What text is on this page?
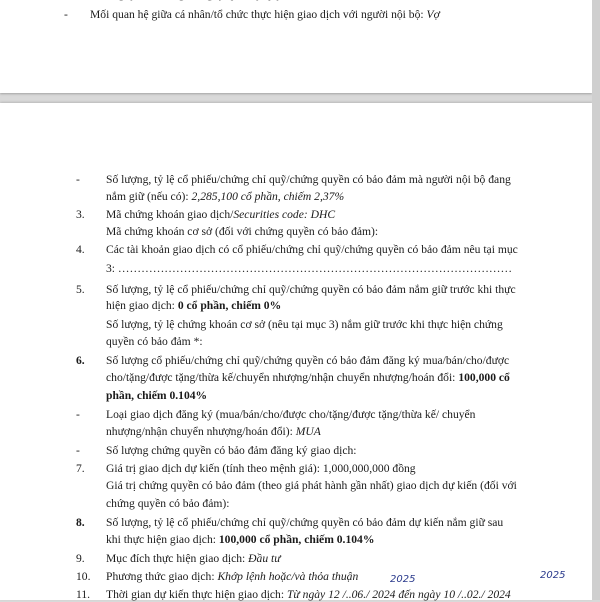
- Mối quan hệ giữa cá nhân/tổ chức thực hiện giao dịch với người nội bộ: Vợ
- Số lượng, tỷ lệ cổ phiếu/chứng chỉ quỹ/chứng quyền có bảo đảm mà người nội bộ đang
nắm giữ (nếu có): 2,285,100 cổ phần, chiếm 2,37%
3. Mã chứng khoán giao dịch/Securities code: DHC
Mã chứng khoán cơ sở (đối với chứng quyền có bảo đảm):
4. Các tài khoản giao dịch có cổ phiếu/chứng chỉ quỹ/chứng quyền có bảo đảm nêu tại mục
3: …………………………………………………………………………………………
5. Số lượng, tỷ lệ cổ phiếu/chứng chỉ quỹ/chứng quyền có bảo đảm nắm giữ trước khi thực
hiện giao dịch: 0 cổ phần, chiếm 0%
Số lượng, tỷ lệ chứng khoán cơ sở (nêu tại mục 3) nắm giữ trước khi thực hiện chứng
quyền có bảo đảm *:
6. Số lượng cổ phiếu/chứng chỉ quỹ/chứng quyền có bảo đảm đăng ký mua/bán/cho/được
cho/tặng/được tặng/thừa kế/chuyển nhượng/nhận chuyển nhượng/hoán đổi: 100,000 cổ
phần, chiếm 0.104%
- Loại giao dịch đăng ký (mua/bán/cho/được cho/tặng/được tặng/thừa kế/ chuyển
nhượng/nhận chuyển nhượng/hoán đổi): MUA
- Số lượng chứng quyền có bảo đảm đăng ký giao dịch:
7. Giá trị giao dịch dự kiến (tính theo mệnh giá): 1,000,000,000 đồng
Giá trị chứng quyền có bảo đảm (theo giá phát hành gần nhất) giao dịch dự kiến (đối với
chứng quyền có bảo đảm):
8. Số lượng, tỷ lệ cổ phiếu/chứng chỉ quỹ/chứng quyền có bảo đảm dự kiến nắm giữ sau
khi thực hiện giao dịch: 100,000 cổ phần, chiếm 0.104%
9. Mục đích thực hiện giao dịch: Đầu tư
10. Phương thức giao dịch: Khớp lệnh hoặc/và thỏa thuận
11. Thời gian dự kiến thực hiện giao dịch: Từ ngày 12 /..06./ 2024 đến ngày 10 /..02./ 2024
2025	2025
